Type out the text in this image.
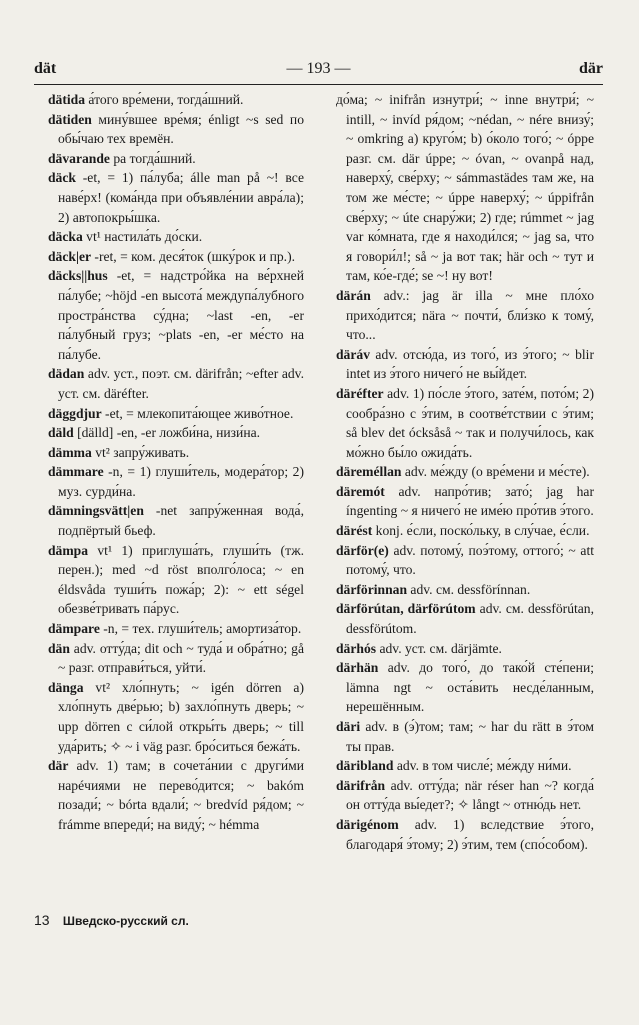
dät	— 193 —	där

dätida а́того вре́мени, тогда́шний.

dätiden мину́вшее вре́мя; énligt ~s sed по обы́чаю тех времён.

dävarande pa тогда́шний.

däck -et, = 1) па́луба; álle man på ~! все наве́рх! (кома́нда при объявле́нии авра́ла); 2) автопокры́шка.

däcka vt¹ настила́ть до́ски.

däck|er -ret, = ком. деся́ток (шку́рок и пр.).

däcks||hus -et, = надстро́йка на ве́рхней па́лубе; ~höjd -en высота́ междупа́лубного простра́нства су́дна; ~last -en, -er па́лубный груз; ~plats -en, -er ме́сто на па́лубе.

dädan adv. уст., поэт. см. därifrån; ~efter adv. уст. см. däréfter.

däggdjur -et, = млекопита́ющее живо́тное.

däld [dälld] -en, -er ложби́на, низи́на.

dämma vt² запру́живать.

dämmare -n, = 1) глуши́тель, модера́тор; 2) муз. сурди́на.

dämningsvätt|en -net запру́женная вода́, подпёртый бьеф.

dämpa vt¹ 1) приглуша́ть, глуши́ть (тж. перен.); med ~d röst вполго́лоса; ~ en éldsvåda туши́ть пожа́р; 2): ~ ett ségel обезве́тривать па́рус.

dämpare -n, = тех. глуши́тель; амортиза́тор.

dän adv. отту́да; dit och ~ туда́ и обра́тно; gå ~ разг. отправи́ться, уйти́.

dänga vt² хло́пнуть; ~ igén dörren а) хло́пнуть две́рью; b) захло́пнуть дверь; ~ upp dörren с си́лой откры́ть дверь; ~ till уда́рить; ✧ ~ i väg разг. бро́ситься бежа́ть.

där adv. 1) там; в сочета́нии с други́ми нарéчиями не перево́дится; ~ bakóm позади́; ~ bórta вдали́; ~ bredvíd ря́дом; ~ frámme впереди́; на виду́; ~ hémma

до́ма; ~ inifrån изнутри́; ~ inne внутри́; ~ intill, ~ invíd ря́дом; ~nédan, ~ nére внизу́; ~ omkring а) круго́м; b) о́коло того́; ~ óppe разг. см. där úppe; ~ óvan, ~ ovanpå над, наверху́, све́рху; ~ sámmastädes там же, на том же ме́сте; ~ úppe наверху́; ~ úppifrån све́рху; ~ úte снару́жи; 2) где; rúmmet ~ jag var ко́мната, где я находи́лся; ~ jag sa, что я говори́л!; så ~ ja вот так; här och ~ тут и там, ко́е-где́; se ~! ну вот!

därán adv.: jag är illa ~ мне пло́хо прихо́дится; nära ~ почти́, бли́зко к тому́, что...

däráv adv. отсю́да, из того́, из э́того; ~ blir intet из э́того ничего́ не вы́йдет.

däréfter adv. 1) по́сле э́того, зате́м, пото́м; 2) сообра́зно с э́тим, в соотве́тствии с э́тим; så blev det ócksåså ~ так и получи́лось, как мо́жно бы́ло ожида́ть.

däreméllan adv. ме́жду (о вре́мени и ме́сте).

däremót adv. напро́тив; зато́; jag har íngenting ~ я ничего́ не име́ю про́тив э́того.

därést konj. е́сли, поско́льку, в слу́чае, е́сли.

därför(e) adv. потому́, поэ́тому, оттого́; ~ att потому́, что.

därförinnan adv. см. dessförínnan.

därförútan, därförútom adv. см. dessförútan, dessförútom.

därhós adv. уст. см. därjämte.

därhän adv. до того́, до тако́й сте́пени; lämna ngt ~ оста́вить несде́ланным, нерешённым.

däri adv. в (э́)том; там; ~ har du rätt в э́том ты прав.

däribland adv. в том числе́; ме́жду ни́ми.

därifrån adv. отту́да; när réser han ~? когда́ он отту́да вы́едет?; ✧ långt ~ отню́дь нет.

därigénom adv. 1) вследствие э́того, благодаря́ э́тому; 2) э́тим, тем (спо́собом).

13 Шведско-русский сл.
